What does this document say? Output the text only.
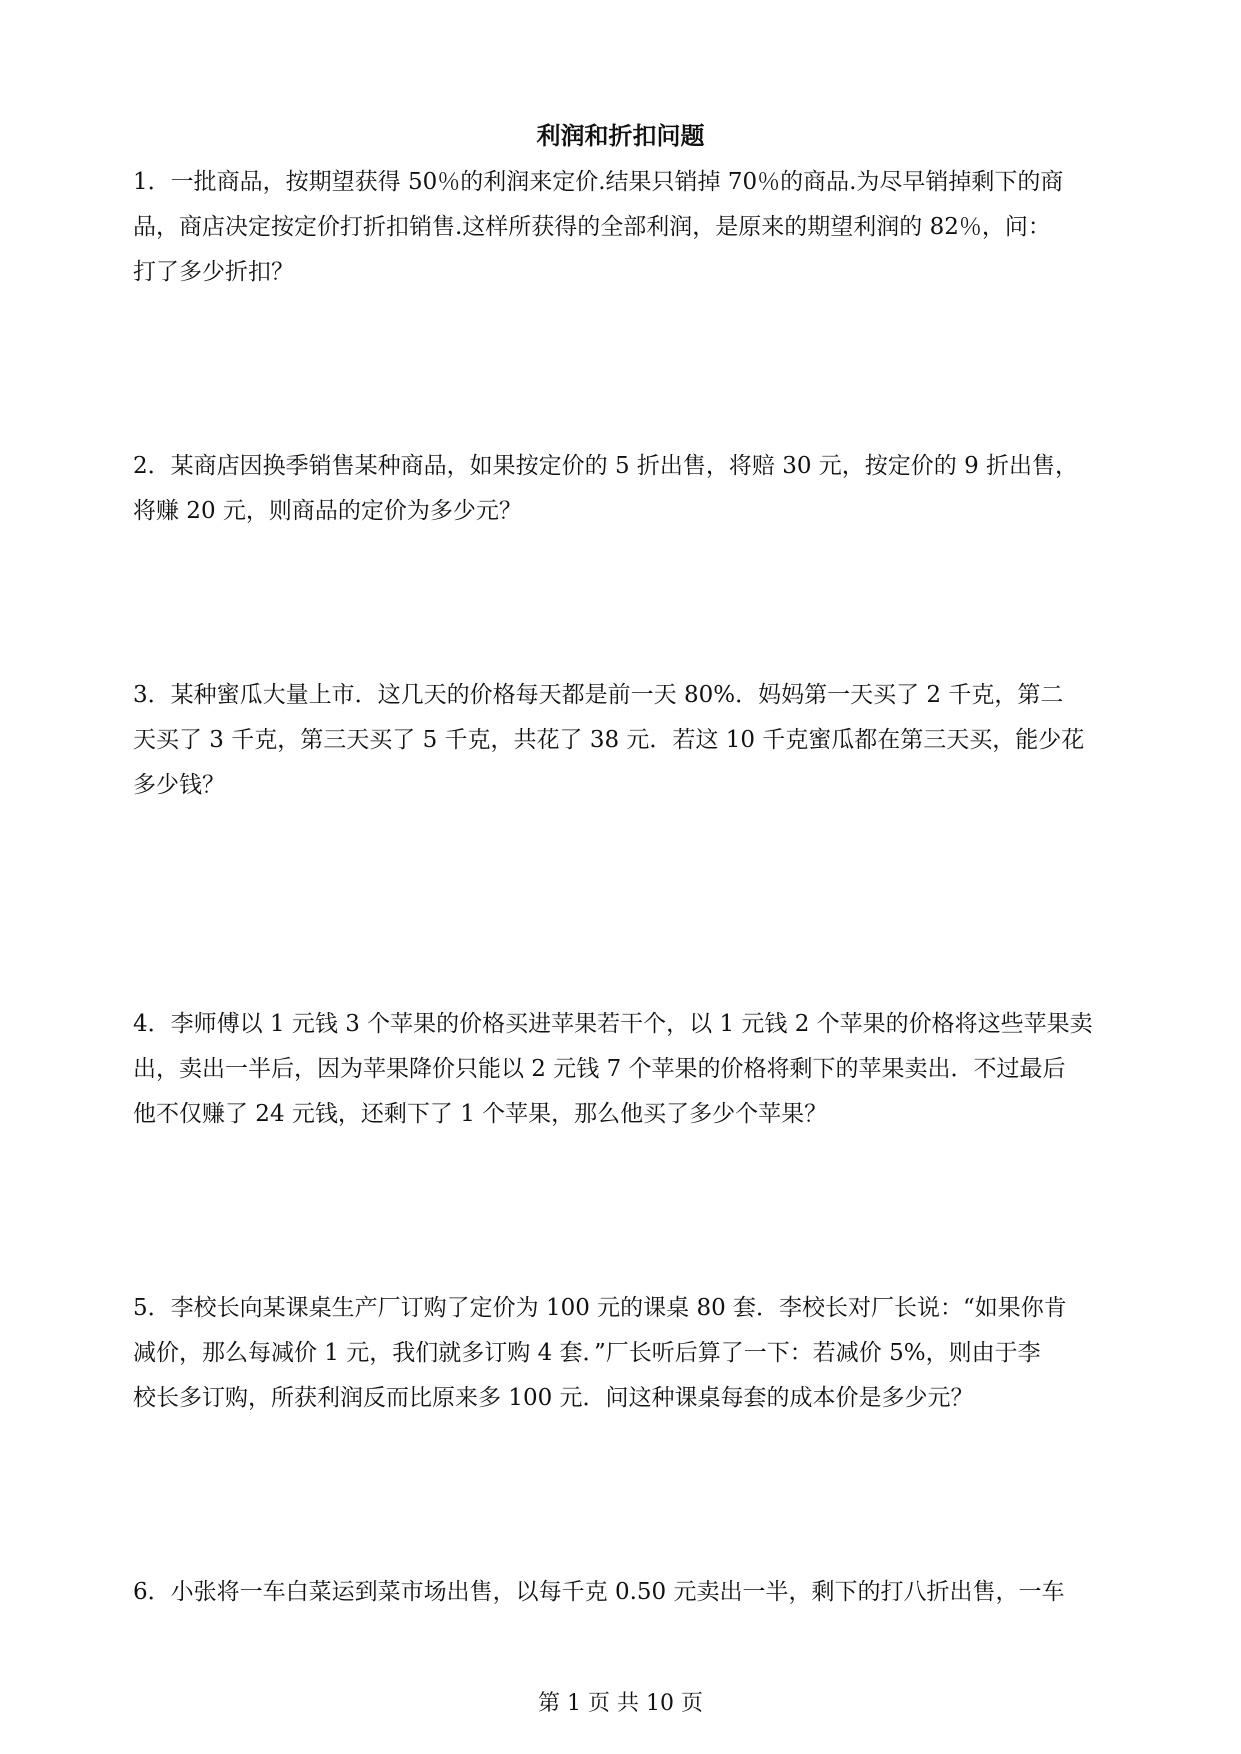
利润和折扣问题
1．一批商品，按期望获得 50％的利润来定价.结果只销掉 70％的商品.为尽早销掉剩下的商
品，商店决定按定价打折扣销售.这样所获得的全部利润，是原来的期望利润的 82％，问：
打了多少折扣？
2．某商店因换季销售某种商品，如果按定价的 5 折出售，将赔 30 元，按定价的 9 折出售，
将赚 20 元，则商品的定价为多少元？
3．某种蜜瓜大量上市．这几天的价格每天都是前一天 80%．妈妈第一天买了 2 千克，第二
天买了 3 千克，第三天买了 5 千克，共花了 38 元．若这 10 千克蜜瓜都在第三天买，能少花
多少钱？
4．李师傅以 1 元钱 3 个苹果的价格买进苹果若干个，以 1 元钱 2 个苹果的价格将这些苹果卖
出，卖出一半后，因为苹果降价只能以 2 元钱 7 个苹果的价格将剩下的苹果卖出．不过最后
他不仅赚了 24 元钱，还剩下了 1 个苹果，那么他买了多少个苹果？
5．李校长向某课桌生产厂订购了定价为 100 元的课桌 80 套．李校长对厂长说：“如果你肯
减价，那么每减价 1 元，我们就多订购 4 套．”厂长听后算了一下：若减价 5%，则由于李
校长多订购，所获利润反而比原来多 100 元．问这种课桌每套的成本价是多少元？
6．小张将一车白菜运到菜市场出售，以每千克 0.50 元卖出一半，剩下的打八折出售，一车
第 1 页 共 10 页
